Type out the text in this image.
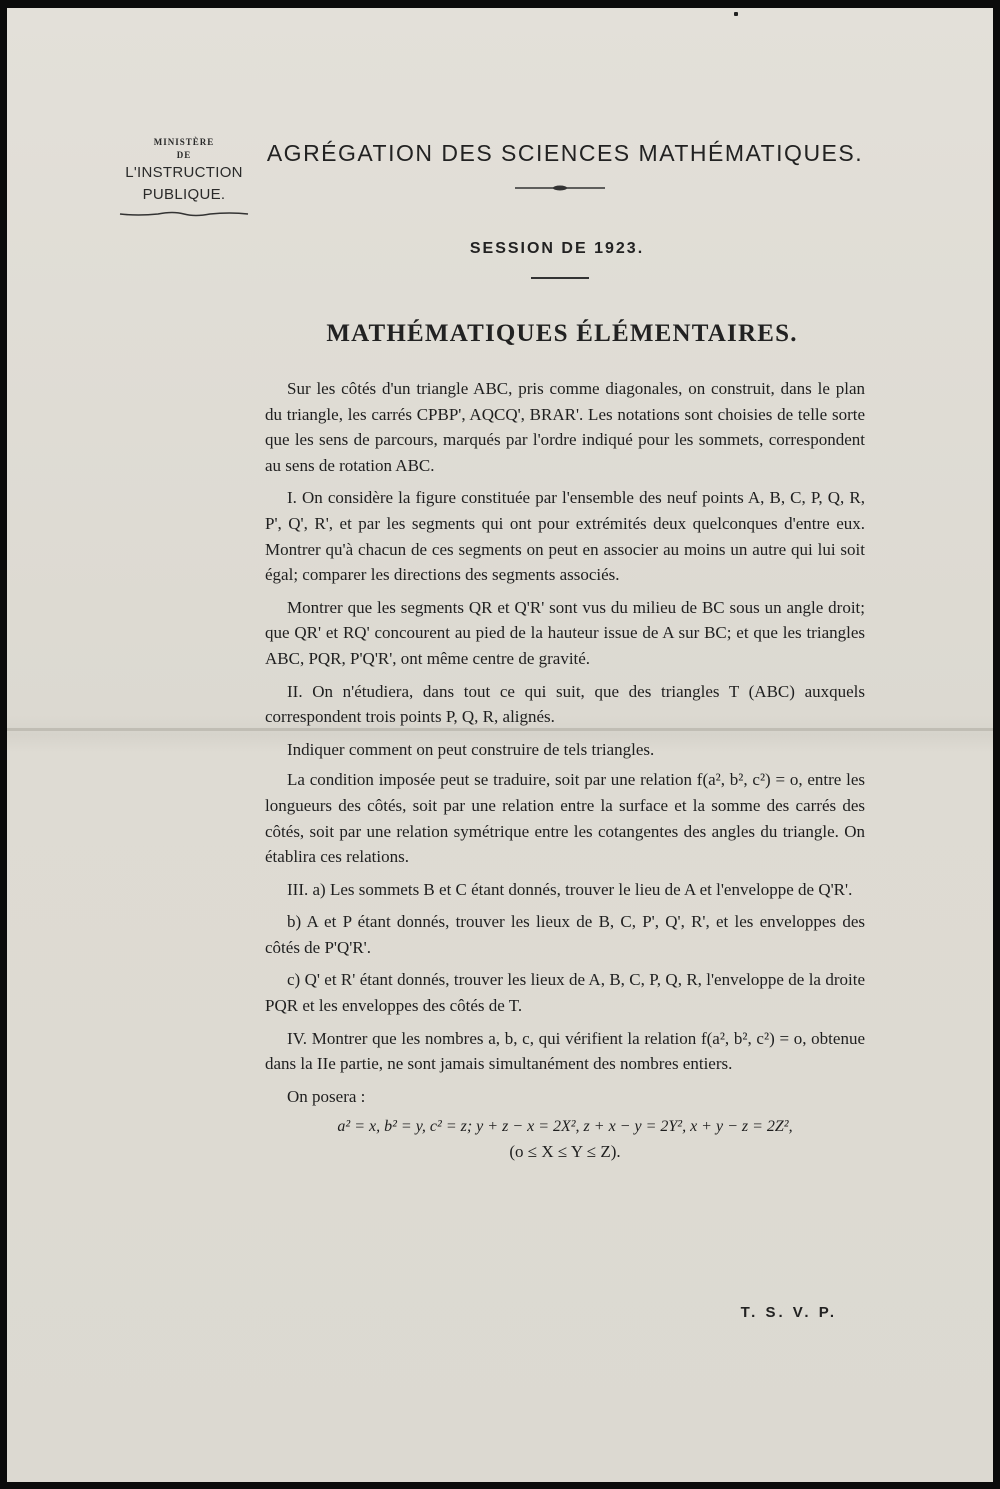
MINISTÈRE
DE
L'INSTRUCTION
PUBLIQUE.
AGRÉGATION DES SCIENCES MATHÉMATIQUES.
SESSION DE 1923.
MATHÉMATIQUES ÉLÉMENTAIRES.

Sur les côtés d'un triangle ABC, pris comme diagonales, on construit, dans le plan du triangle, les carrés CPBP', AQCQ', BRAR'. Les notations sont choisies de telle sorte que les sens de parcours, marqués par l'ordre indiqué pour les sommets, correspondent au sens de rotation ABC.

I. On considère la figure constituée par l'ensemble des neuf points A, B, C, P, Q, R, P', Q', R', et par les segments qui ont pour extrémités deux quelconques d'entre eux. Montrer qu'à chacun de ces segments on peut en associer au moins un autre qui lui soit égal; comparer les directions des segments associés.

Montrer que les segments QR et Q'R' sont vus du milieu de BC sous un angle droit; que QR' et RQ' concourent au pied de la hauteur issue de A sur BC; et que les triangles ABC, PQR, P'Q'R', ont même centre de gravité.

II. On n'étudiera, dans tout ce qui suit, que des triangles T (ABC) auxquels correspondent trois points P, Q, R, alignés.

Indiquer comment on peut construire de tels triangles.

La condition imposée peut se traduire, soit par une relation f(a², b², c²) = o, entre les longueurs des côtés, soit par une relation entre la surface et la somme des carrés des côtés, soit par une relation symétrique entre les cotangentes des angles du triangle. On établira ces relations.

III. a) Les sommets B et C étant donnés, trouver le lieu de A et l'enveloppe de Q'R'.

b) A et P étant donnés, trouver les lieux de B, C, P', Q', R', et les enveloppes des côtés de P'Q'R'.

c) Q' et R' étant donnés, trouver les lieux de A, B, C, P, Q, R, l'enveloppe de la droite PQR et les enveloppes des côtés de T.

IV. Montrer que les nombres a, b, c, qui vérifient la relation f(a², b², c²) = o, obtenue dans la IIe partie, ne sont jamais simultanément des nombres entiers.

On posera :

a² = x, b² = y, c² = z; y + z − x = 2X², z + x − y = 2Y², x + y − z = 2Z²,
(o ≤ X ≤ Y ≤ Z).
T. S. V. P.
